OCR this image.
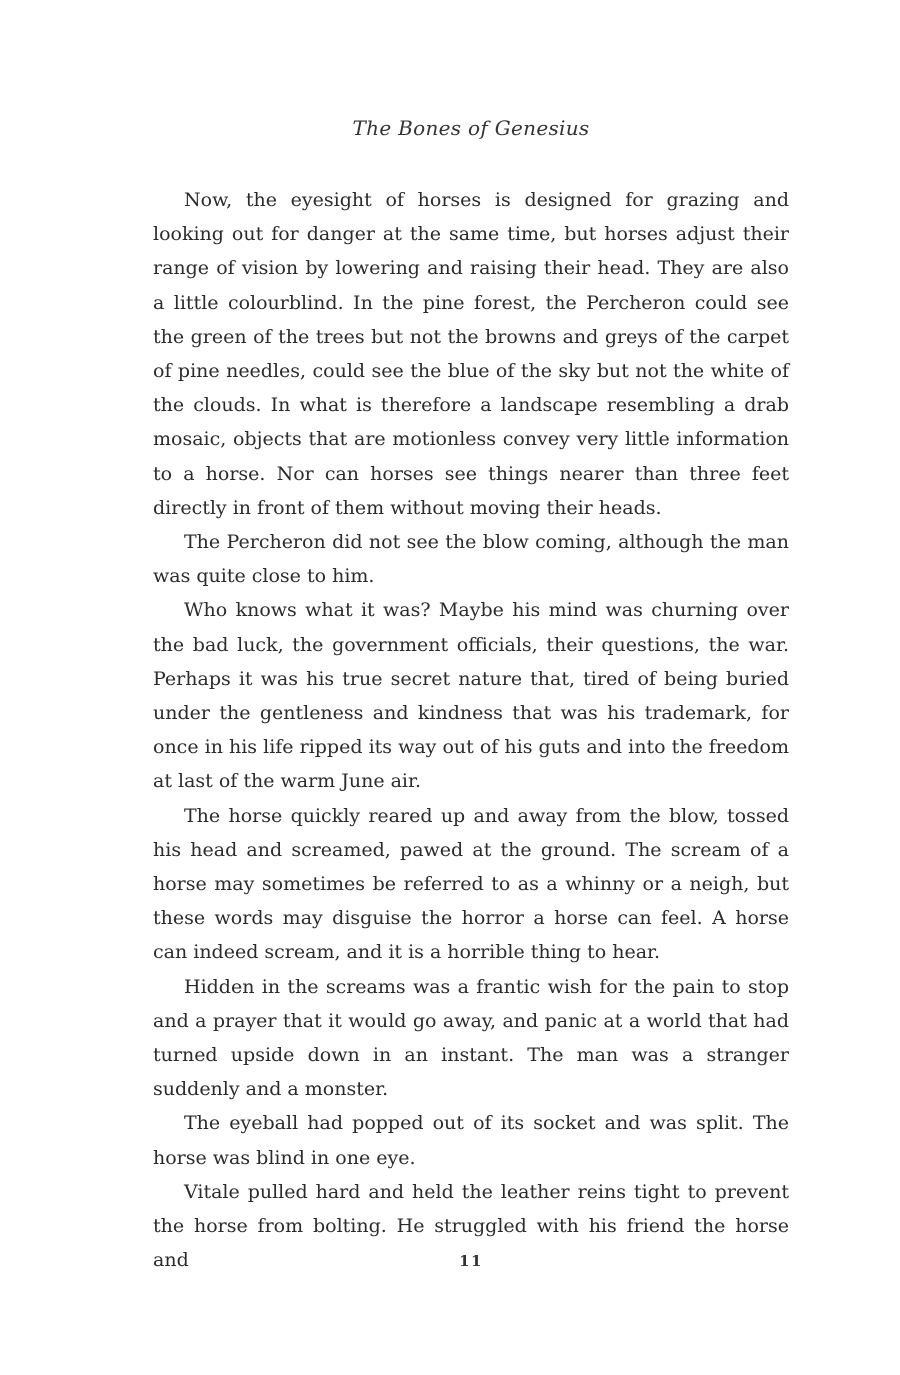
The Bones of Genesius

Now, the eyesight of horses is designed for grazing and looking out for danger at the same time, but horses adjust their range of vision by lowering and raising their head. They are also a little colourblind. In the pine forest, the Percheron could see the green of the trees but not the browns and greys of the carpet of pine needles, could see the blue of the sky but not the white of the clouds. In what is therefore a landscape resembling a drab mosaic, objects that are motionless convey very little information to a horse. Nor can horses see things nearer than three feet directly in front of them without moving their heads.

The Percheron did not see the blow coming, although the man was quite close to him.

Who knows what it was? Maybe his mind was churning over the bad luck, the government officials, their questions, the war. Perhaps it was his true secret nature that, tired of being buried under the gentleness and kindness that was his trademark, for once in his life ripped its way out of his guts and into the freedom at last of the warm June air.

The horse quickly reared up and away from the blow, tossed his head and screamed, pawed at the ground. The scream of a horse may sometimes be referred to as a whinny or a neigh, but these words may disguise the horror a horse can feel. A horse can indeed scream, and it is a horrible thing to hear.

Hidden in the screams was a frantic wish for the pain to stop and a prayer that it would go away, and panic at a world that had turned upside down in an instant. The man was a stranger suddenly and a monster.

The eyeball had popped out of its socket and was split. The horse was blind in one eye.

Vitale pulled hard and held the leather reins tight to prevent the horse from bolting. He struggled with his friend the horse and	11
